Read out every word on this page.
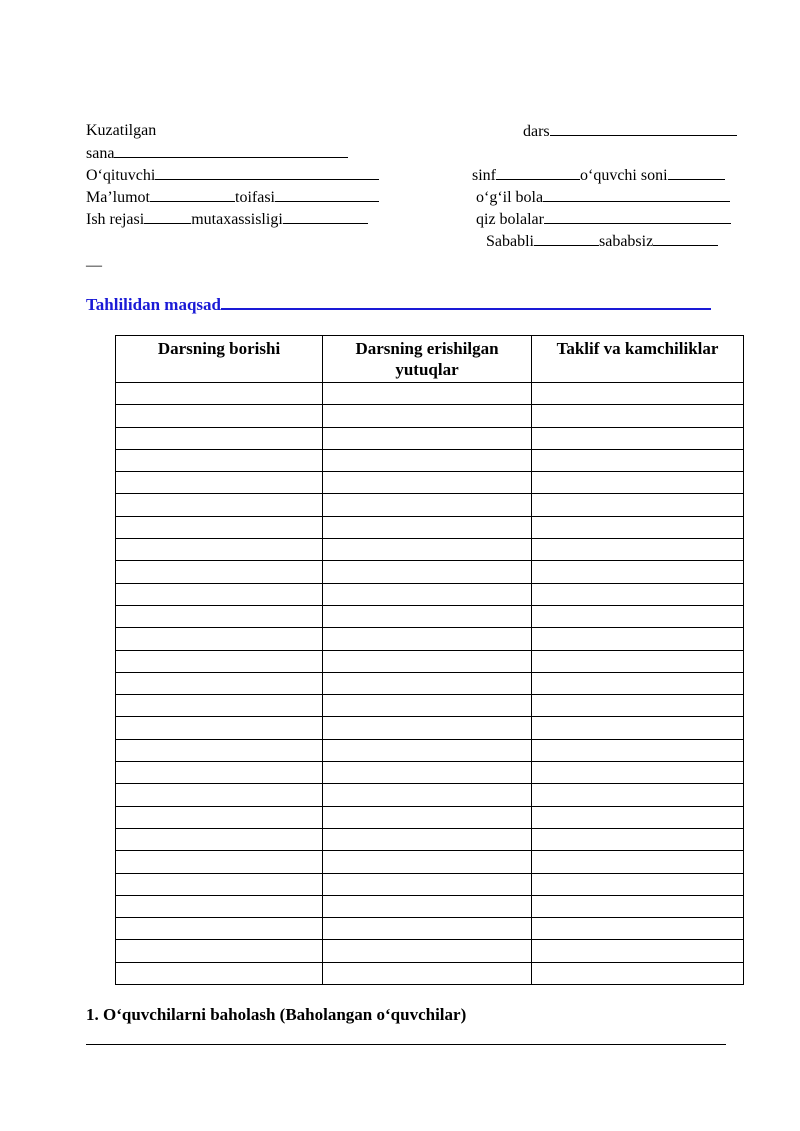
Kuzatilgan	dars
sana
O‘qituvchi	sinf	o‘quvchi soni
Ma’lumot	toifasi	o‘g‘il bola
Ish rejasi	mutaxassisligi	qiz bolalar
Sababli	sababsiz
—
Tahlilidan maqsad
Darsning borishi	Darsning erishilgan yutuqlar	Taklif va kamchiliklar

1. O‘quvchilarni baholash (Baholangan o‘quvchilar)
